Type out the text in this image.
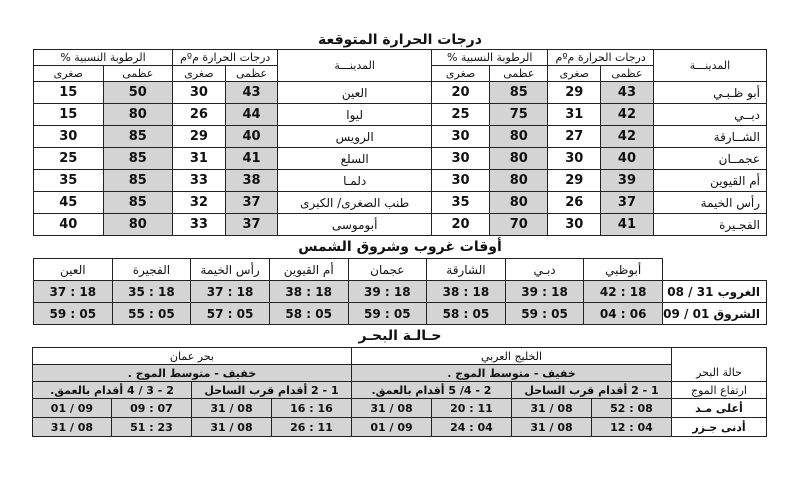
درجات الحرارة المتوقعة
المدينـــة	درجات الحرارة مºم		الرطوبة النسبية %		المدينـــة	درجات الحرارة مºم		الرطوبة النسبية %	
	عظمى	صغرى	عظمى	صغرى		عظمى	صغرى	عظمى	صغرى
أبو ظـبـي	43	29	85	20	العين	43	30	50	15
دبــي	42	31	75	25	ليوا	44	26	80	15
الشــارقة	42	27	80	30	الرويس	40	29	85	30
عجمــان	40	30	80	30	السلع	41	31	85	25
أم القيوين	39	29	80	30	دلمـا	38	33	85	35
رأس الخيمة	37	26	80	35	طنب الصغرى/ الكبرى	37	32	85	45
الفجـيرة	41	30	70	20	أبوموسى	37	33	80	40
أوقات غروب وشروق الشمس
	أبوظبي	دبـي	الشارقة	عجمان	أم القيوين	رأس الخيمة	الفجيرة	العين
الغروب 31 / 08	42 : 18	39 : 18	38 : 18	39 : 18	38 : 18	37 : 18	35 : 18	37 : 18
الشروق 01 / 09	04 : 06	59 : 05	58 : 05	59 : 05	58 : 05	57 : 05	55 : 05	59 : 05
حـالـة البحـر
	الخليج العربي				بحر عمان			
حالة البحر	خفيف - متوسط الموج .				خفيف - متوسط الموج .			
ارتفاع الموج	1 - 2 أقدام قرب الساحل		2 - 4/ 5 أقدام بالعمق.		1 - 2 أقدام قرب الساحل		2 - 3 / 4 أقدام بالعمق.	
أعلى مـد	52 : 08	31 / 08	20 : 11	31 / 08	16 : 16	31 / 08	09 : 07	01 / 09
أدنى جـزر	12 : 04	31 / 08	24 : 04	01 / 09	26 : 11	31 / 08	51 : 23	31 / 08
